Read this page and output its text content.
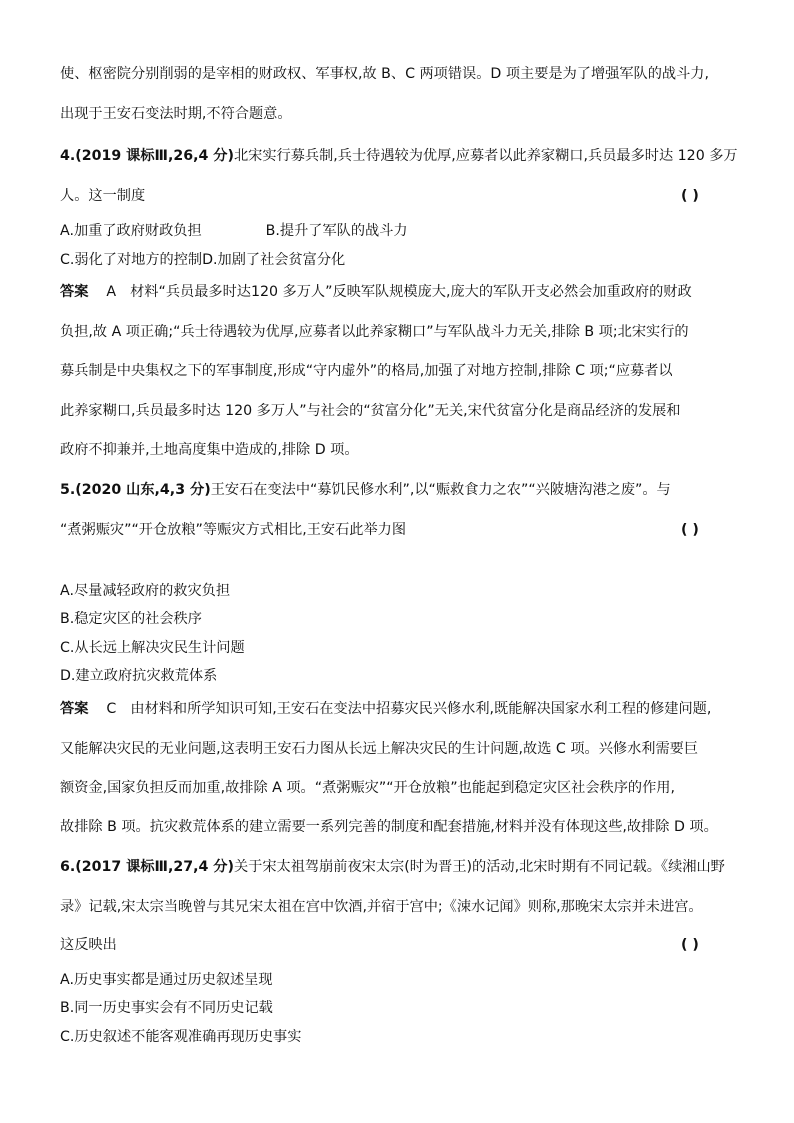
使、枢密院分别削弱的是宰相的财政权、军事权,故 B、C 两项错误。D 项主要是为了增强军队的战斗力,
出现于王安石变法时期,不符合题意。
4.(2019 课标Ⅲ,26,4 分)北宋实行募兵制,兵士待遇较为优厚,应募者以此养家糊口,兵员最多时达 120 多万
人。这一制度	( )
A.加重了政府财政负担	B.提升了军队的战斗力
C.弱化了对地方的控制D.加剧了社会贫富分化
答案 A 材料“兵员最多时达120 多万人”反映军队规模庞大,庞大的军队开支必然会加重政府的财政
负担,故 A 项正确;“兵士待遇较为优厚,应募者以此养家糊口”与军队战斗力无关,排除 B 项;北宋实行的
募兵制是中央集权之下的军事制度,形成“守内虚外”的格局,加强了对地方控制,排除 C 项;“应募者以
此养家糊口,兵员最多时达 120 多万人”与社会的“贫富分化”无关,宋代贫富分化是商品经济的发展和
政府不抑兼并,土地高度集中造成的,排除 D 项。
5.(2020 山东,4,3 分)王安石在变法中“募饥民修水利”,以“赈救食力之农”“兴陂塘沟港之废”。与
“煮粥赈灾”“开仓放粮”等赈灾方式相比,王安石此举力图	( )
A.尽量减轻政府的救灾负担
B.稳定灾区的社会秩序
C.从长远上解决灾民生计问题
D.建立政府抗灾救荒体系
答案 C 由材料和所学知识可知,王安石在变法中招募灾民兴修水利,既能解决国家水利工程的修建问题,
又能解决灾民的无业问题,这表明王安石力图从长远上解决灾民的生计问题,故选 C 项。兴修水利需要巨
额资金,国家负担反而加重,故排除 A 项。“煮粥赈灾”“开仓放粮”也能起到稳定灾区社会秩序的作用,
故排除 B 项。抗灾救荒体系的建立需要一系列完善的制度和配套措施,材料并没有体现这些,故排除 D 项。
6.(2017 课标Ⅲ,27,4 分)关于宋太祖驾崩前夜宋太宗(时为晋王)的活动,北宋时期有不同记载。《续湘山野
录》记载,宋太宗当晚曾与其兄宋太祖在宫中饮酒,并宿于宫中;《涑水记闻》则称,那晚宋太宗并未进宫。
这反映出	( )
A.历史事实都是通过历史叙述呈现
B.同一历史事实会有不同历史记载
C.历史叙述不能客观准确再现历史事实
